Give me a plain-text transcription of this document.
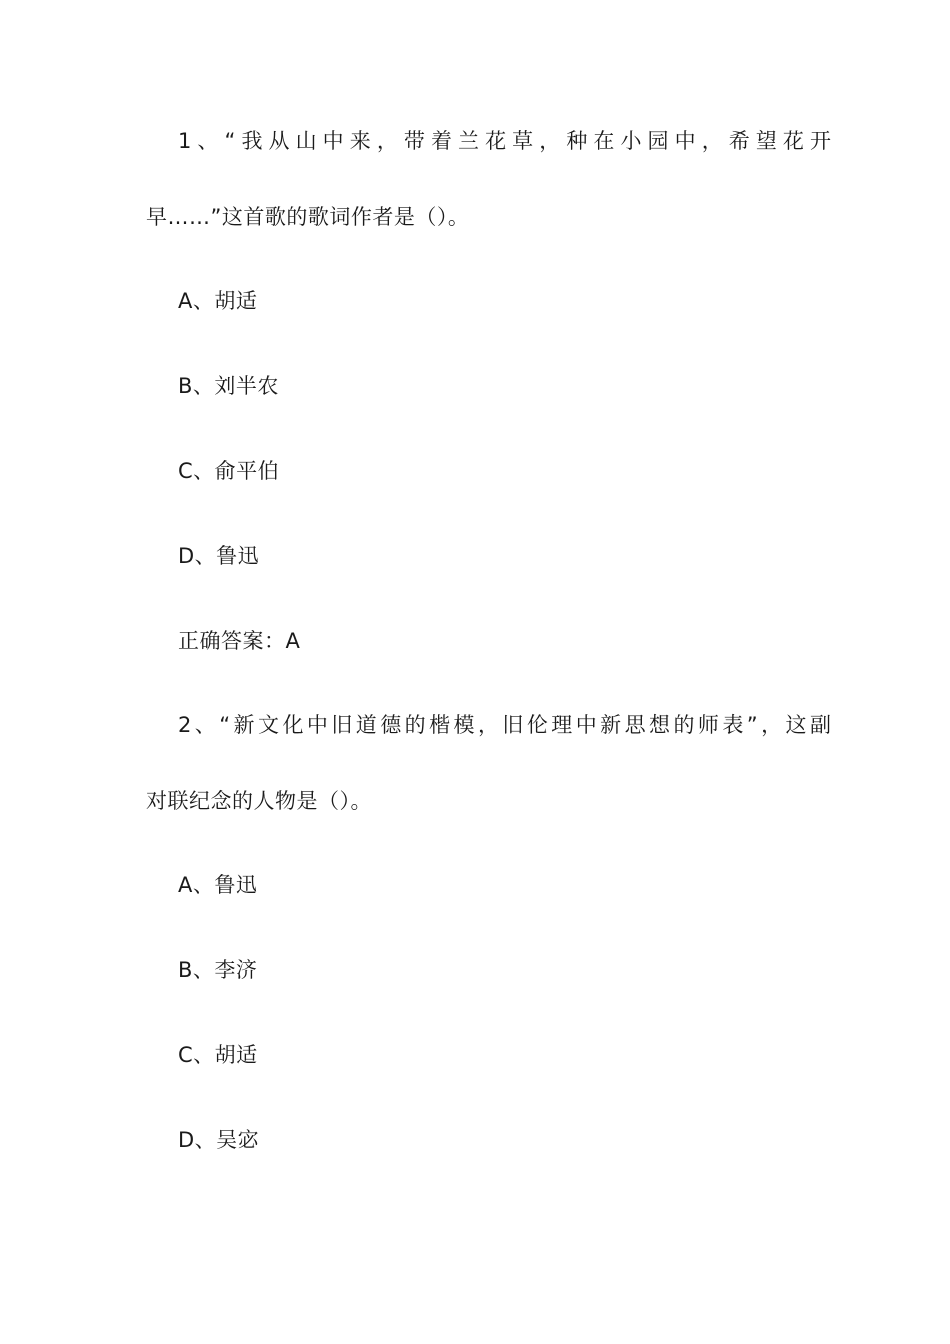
1、“我从山中来，带着兰花草，种在小园中，希望花开
早……”这首歌的歌词作者是（）。
A、胡适
B、刘半农
C、俞平伯
D、鲁迅
正确答案：A
2、“新文化中旧道德的楷模，旧伦理中新思想的师表”，这副
对联纪念的人物是（）。
A、鲁迅
B、李济
C、胡适
D、吴宓
